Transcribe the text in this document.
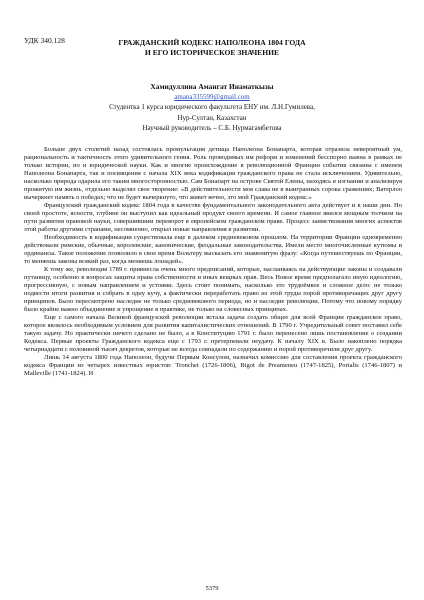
УДК 340.128	ГРАЖДАНСКИЙ КОДЕКС НАПОЛЕОНА 1804 ГОДА
И ЕГО ИСТОРИЧЕСКОЕ ЗНАЧЕНИЕ
Хамидуллина Амангат Инаматкызы
amana335599@gmail.com
Студентка 1 курса юридического факультета ЕНУ им. Л.Н.Гумилева,
Нур-Султан, Казахстан
Научный руководитель – С.Б. Нурмагамбетова

Больше двух столетий назад состоялась промульгация детища Наполеона Бонапарта, которая отразила невероятный ум, рациональность и тактичность этого удивительного гения. Роль проводимых им реформ и изменений бесспорно важна в рамках не только истории, но и юридической науки. Как и многие происхождение в революционной Франции события связаны с именем Наполеона Бонапарта, так и посвящения с начала XIX века кодификация гражданского права не стала исключением. Удивительно, насколько природа одарила его таким многосторонностью. Сам Бонапарт на острове Святой Елены, находясь в изгнании и анализируя прожитую им жизнь, отдельно выделял свое творение: «В действительности моя слава не в выигранных сорока сражениях; Ватерлоо вычеркнет память о победах; что не будет вычеркнуто, что живет вечно, это мой Гражданский кодекс.»

Французский гражданский кодекс 1804 года в качестве фундаментального законодательного акта действует и в наши дни. Но своей простоте, ясности, глубине он выступил как идеальный продукт своего времени. И самое главное явился мощным толчком на пути развития правовой науки, совершившим переворот в европейском гражданском праве. Процесс заимствования многих аспектов этой работы другими странами, несомненно, открыл новые направления в развитии.

Необходимость в кодификации существовала еще в далеком средневековом прошлом. На территории Франции одновременно действовали римские, обычные, королевские, канонические, феодальные законодательства. Имели место многочисленные кутюмы и ординансы. Такое положение позволило в свое время Вольтеру высказать его знаменитую фразу: «Когда путешествуешь по Франции, то меняешь законы всякий раз, когда меняешь лошадей».

К тому же, революция 1789 г. привнесла очень много предписаний, которые, наслаиваясь на действующие законы и создавали путаницу, особенно в вопросах защиты права собственности и иных вещных прав. Весь Новое время предполагало иную идеологию, прогрессивную, с новым направлением и устоями. Здесь стоит понимать, насколько это трудоёмкое и сложное дело: не только подвести итоги развития и собрать в одну кучу, а фактически переработать право из этой груды порой противоречащих друг другу принципов. Было пересмотрено наследие не только средневекового периода, но и наследие революции. Потому что новому порядку было крайне важно объединение и упрощение в практике, не только на словесных принципах.

Еще с самого начала Великой французской революции встала задача создать общее для всей Франции гражданское право, которое являлось необходимым условием для развития капиталистических отношений. В 1790 г. Учредительный совет поставил себе такую задачу. Но практически ничего сделано не было, а в Конституцию 1791 г. было перенесено лишь постановление о создании Кодекса. Первые проекты Гражданского кодекса еще с 1793 г. претерпевали неудачу. К началу XIX в. Было накоплено порядка четырнадцати с половиной тысяч декретов, которые не всегда совпадали по содержанию и порой противоречили друг другу.

Лишь 14 августа 1800 года Наполеон, будучи Первым Консулом, назначил комиссию для составления проекта гражданского кодекса Франции из четырех известных юристов: Tronchet (1726-1806), Bigot de Preameneu (1747-1825), Portalis (1746-1807) и Malleville (1741-1824). И

5379
